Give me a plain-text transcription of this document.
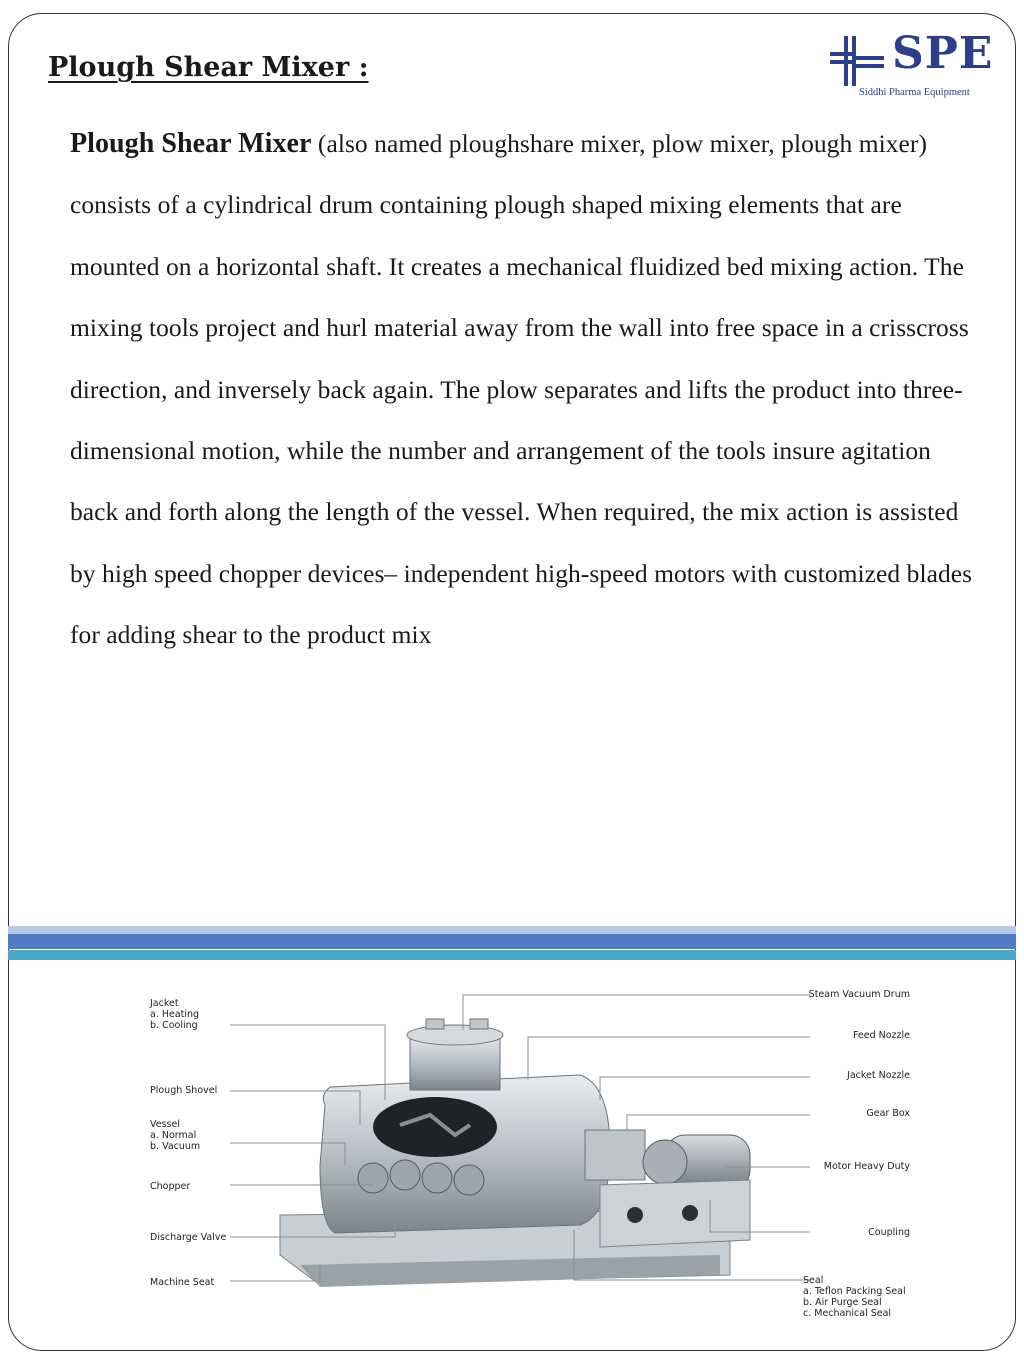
Plough Shear Mixer :	SPE
Siddhi Pharma Equipment

Plough Shear Mixer (also named ploughshare mixer, plow mixer, plough mixer) consists of a cylindrical drum containing plough shaped mixing elements that are mounted on a horizontal shaft. It creates a mechanical fluidized bed mixing action. The mixing tools project and hurl material away from the wall into free space in a crisscross direction, and inversely back again. The plow separates and lifts the product into three-dimensional motion, while the number and arrangement of the tools insure agitation back and forth along the length of the vessel. When required, the mix action is assisted by high speed chopper devices– independent high-speed motors with customized blades for adding shear to the product mix

Jacket
a. Heating
b. Cooling
Plough Shovel
Vessel
a. Normal
b. Vacuum
Chopper
Discharge Valve
Machine Seat
Steam Vacuum Drum
Feed Nozzle
Jacket Nozzle
Gear Box
Motor Heavy Duty
Coupling
Seal
a. Teflon Packing Seal
b. Air Purge Seal
c. Mechanical Seal
